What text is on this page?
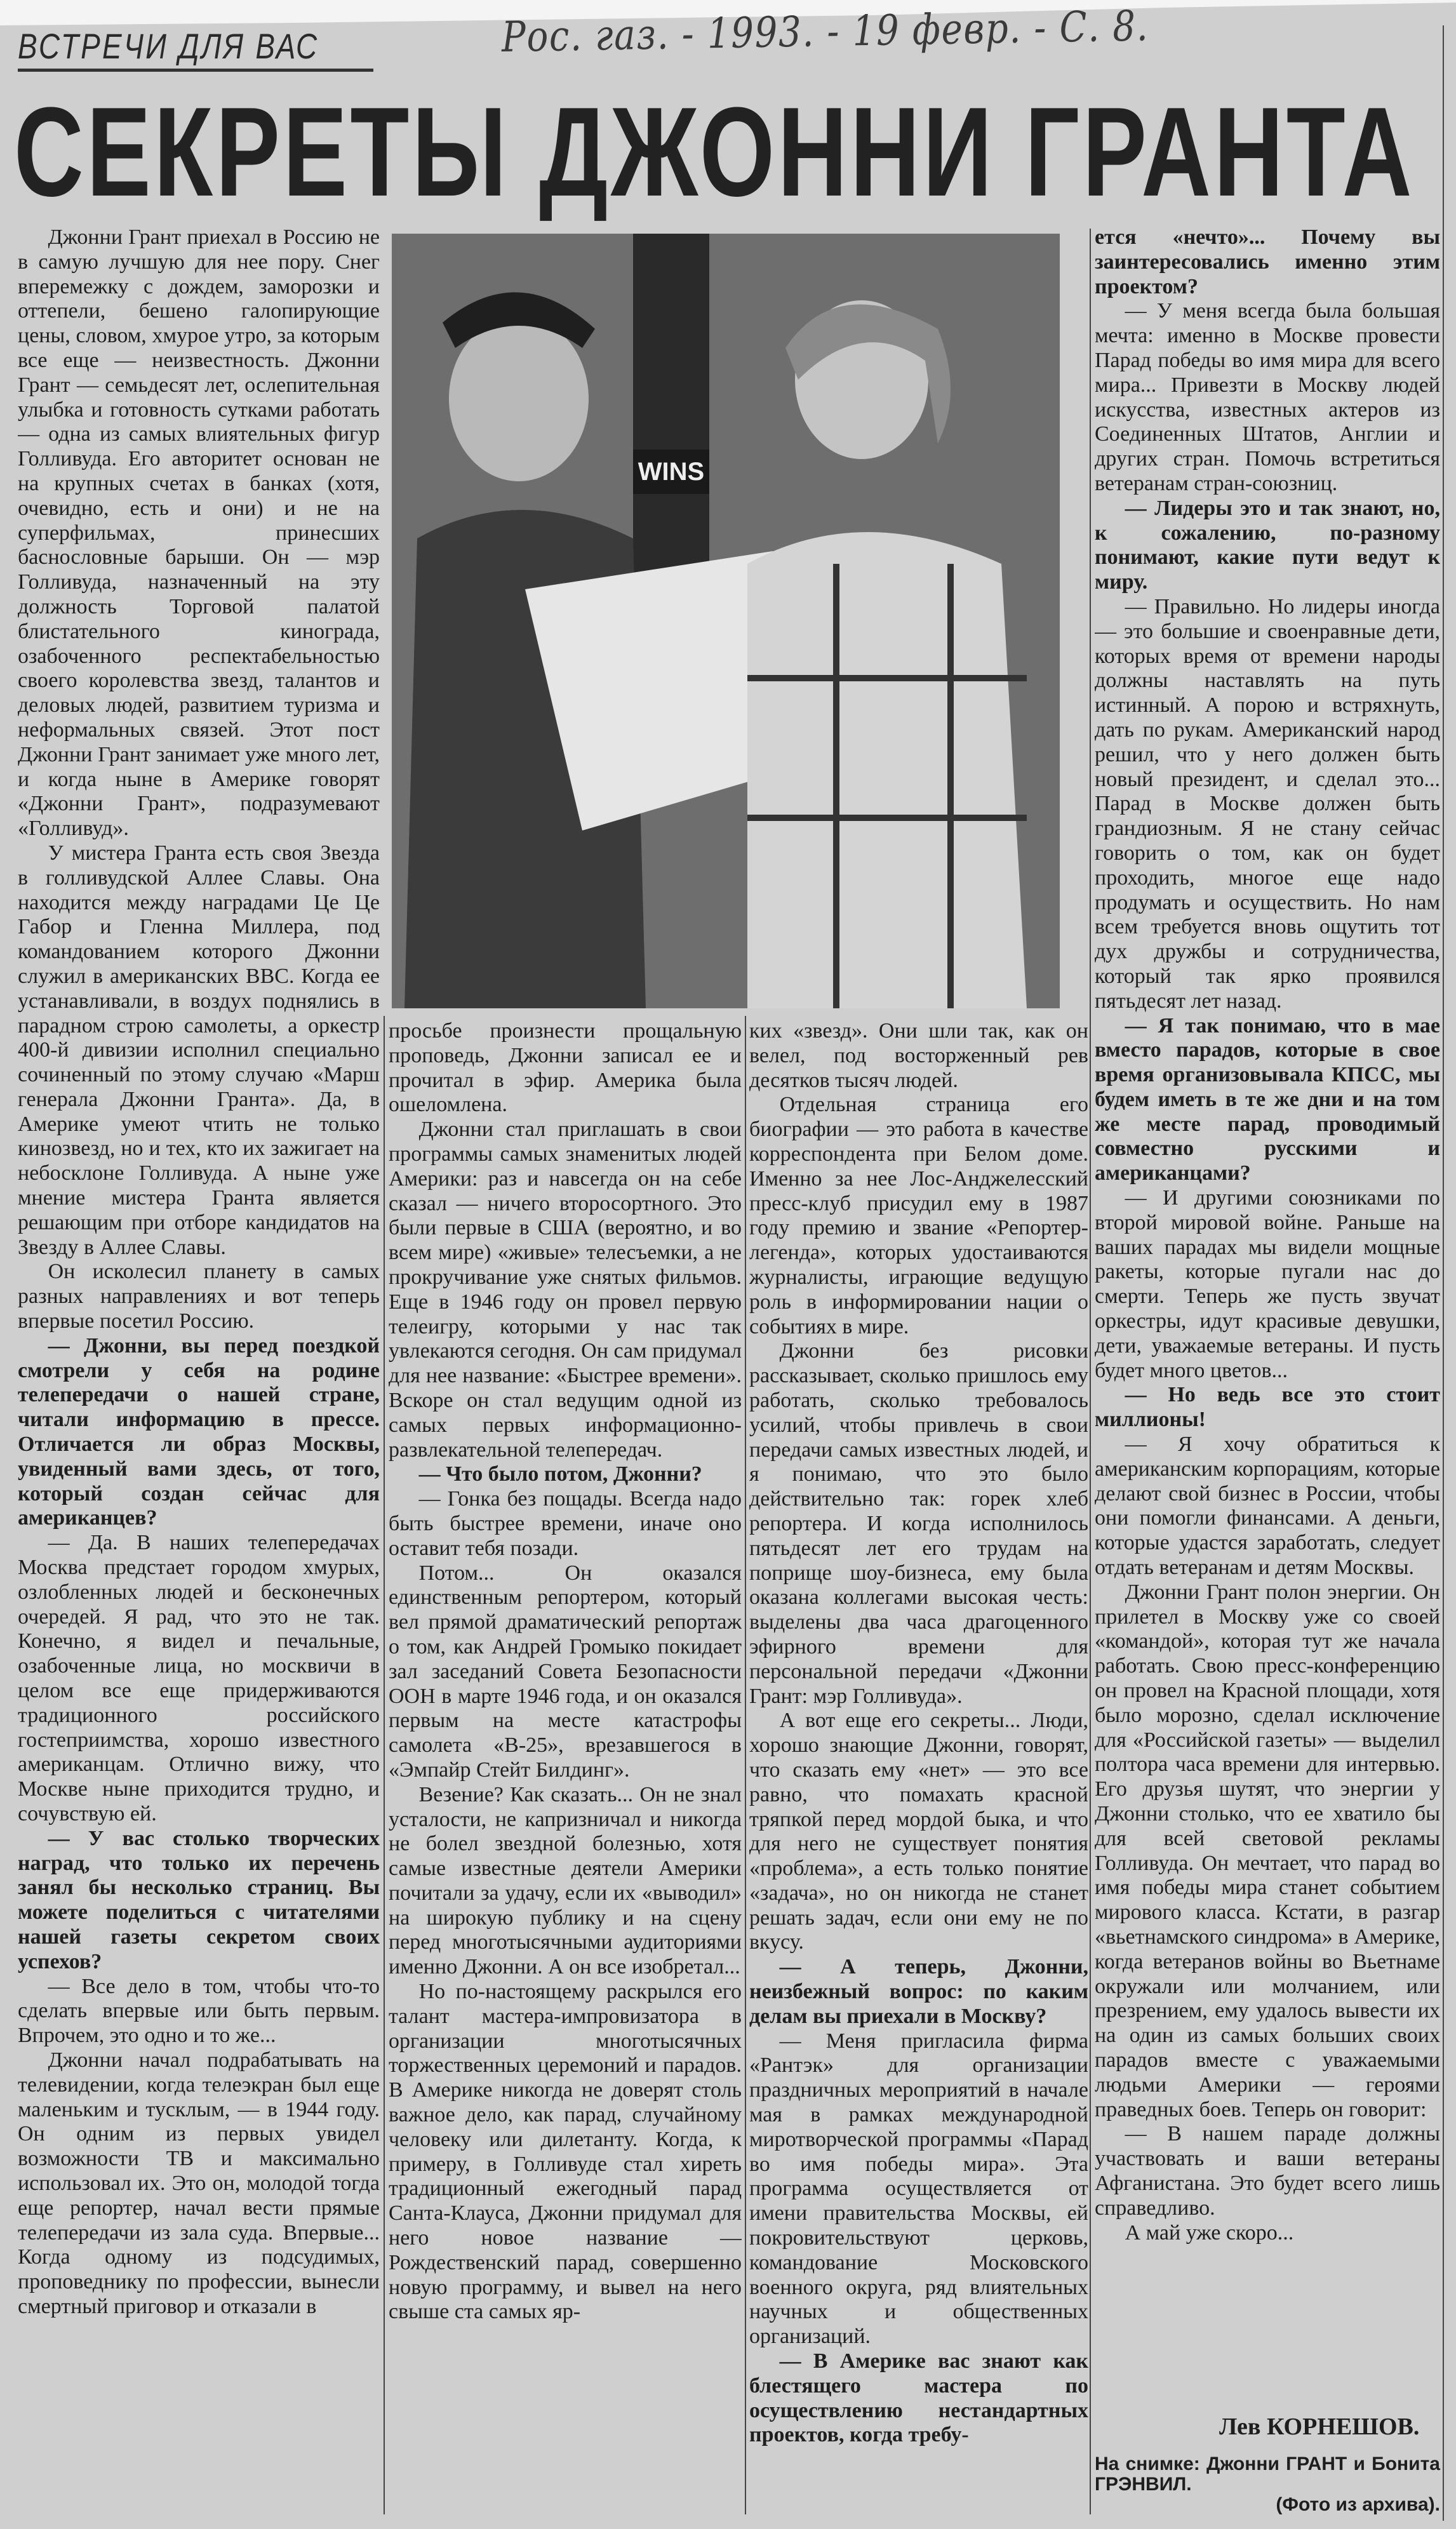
ВСТРЕЧИ ДЛЯ ВАС	Рос. газ. - 1993. - 19 февр. - С. 8.
СЕКРЕТЫ ДЖОННИ ГРАНТА

Джонни Грант приехал в Россию не в самую лучшую для нее пору. Снег вперемежку с дождем, заморозки и оттепели, бешено галопирующие цены, словом, хмурое утро, за которым все еще — неизвестность. Джонни Грант — семьдесят лет, ослепительная улыбка и готовность сутками работать — одна из самых влиятельных фигур Голливуда. Его авторитет основан не на крупных счетах в банках (хотя, очевидно, есть и они) и не на суперфильмах, принесших баснословные барыши. Он — мэр Голливуда, назначенный на эту должность Торговой палатой блистательного кинограда, озабоченного респектабельностью своего королевства звезд, талантов и деловых людей, развитием туризма и неформальных связей. Этот пост Джонни Грант занимает уже много лет, и когда ныне в Америке говорят «Джонни Грант», подразумевают «Голливуд».

У мистера Гранта есть своя Звезда в голливудской Аллее Славы. Она находится между наградами Це Це Габор и Гленна Миллера, под командованием которого Джонни служил в американских ВВС. Когда ее устанавливали, в воздух поднялись в парадном строю самолеты, а оркестр 400-й дивизии исполнил специально сочиненный по этому случаю «Марш генерала Джонни Гранта». Да, в Америке умеют чтить не только кинозвезд, но и тех, кто их зажигает на небосклоне Голливуда. А ныне уже мнение мистера Гранта является решающим при отборе кандидатов на Звезду в Аллее Славы.

Он исколесил планету в самых разных направлениях и вот теперь впервые посетил Россию.

— Джонни, вы перед поездкой смотрели у себя на родине телепередачи о нашей стране, читали информацию в прессе. Отличается ли образ Москвы, увиденный вами здесь, от того, который создан сейчас для американцев?

— Да. В наших телепередачах Москва предстает городом хмурых, озлобленных людей и бесконечных очередей. Я рад, что это не так. Конечно, я видел и печальные, озабоченные лица, но москвичи в целом все еще придерживаются традиционного российского гостеприимства, хорошо известного американцам. Отлично вижу, что Москве ныне приходится трудно, и сочувствую ей.

— У вас столько творческих наград, что только их перечень занял бы несколько страниц. Вы можете поделиться с читателями нашей газеты секретом своих успехов?

— Все дело в том, чтобы что-то сделать впервые или быть первым. Впрочем, это одно и то же...

Джонни начал подрабатывать на телевидении, когда телеэкран был еще маленьким и тусклым, — в 1944 году. Он одним из первых увидел возможности ТВ и максимально использовал их. Это он, молодой тогда еще репортер, начал вести прямые телепередачи из зала суда. Впервые... Когда одному из подсудимых, проповеднику по профессии, вынесли смертный приговор и отказали в

WINS

просьбе произнести прощальную проповедь, Джонни записал ее и прочитал в эфир. Америка была ошеломлена.

Джонни стал приглашать в свои программы самых знаменитых людей Америки: раз и навсегда он на себе сказал — ничего второсортного. Это были первые в США (вероятно, и во всем мире) «живые» телесъемки, а не прокручивание уже снятых фильмов. Еще в 1946 году он провел первую телеигру, которыми у нас так увлекаются сегодня. Он сам придумал для нее название: «Быстрее времени». Вскоре он стал ведущим одной из самых первых информационно-развлекательной телепередач.

— Что было потом, Джонни?

— Гонка без пощады. Всегда надо быть быстрее времени, иначе оно оставит тебя позади.

Потом... Он оказался единственным репортером, который вел прямой драматический репортаж о том, как Андрей Громыко покидает зал заседаний Совета Безопасности ООН в марте 1946 года, и он оказался первым на месте катастрофы самолета «В-25», врезавшегося в «Эмпайр Стейт Билдинг».

Везение? Как сказать... Он не знал усталости, не капризничал и никогда не болел звездной болезнью, хотя самые известные деятели Америки почитали за удачу, если их «выводил» на широкую публику и на сцену перед многотысячными аудиториями именно Джонни. А он все изобретал...

Но по-настоящему раскрылся его талант мастера-импровизатора в организации многотысячных торжественных церемоний и парадов. В Америке никогда не доверят столь важное дело, как парад, случайному человеку или дилетанту. Когда, к примеру, в Голливуде стал хиреть традиционный ежегодный парад Санта-Клауса, Джонни придумал для него новое название — Рождественский парад, совершенно новую программу, и вывел на него свыше ста самых яр-

ких «звезд». Они шли так, как он велел, под восторженный рев десятков тысяч людей.

Отдельная страница его биографии — это работа в качестве корреспондента при Белом доме. Именно за нее Лос-Анджелесский пресс-клуб присудил ему в 1987 году премию и звание «Репортер-легенда», которых удостаиваются журналисты, играющие ведущую роль в информировании нации о событиях в мире.

Джонни без рисовки рассказывает, сколько пришлось ему работать, сколько требовалось усилий, чтобы привлечь в свои передачи самых известных людей, и я понимаю, что это было действительно так: горек хлеб репортера. И когда исполнилось пятьдесят лет его трудам на поприще шоу-бизнеса, ему была оказана коллегами высокая честь: выделены два часа драгоценного эфирного времени для персональной передачи «Джонни Грант: мэр Голливуда».

А вот еще его секреты... Люди, хорошо знающие Джонни, говорят, что сказать ему «нет» — это все равно, что помахать красной тряпкой перед мордой быка, и что для него не существует понятия «проблема», а есть только понятие «задача», но он никогда не станет решать задач, если они ему не по вкусу.

— А теперь, Джонни, неизбежный вопрос: по каким делам вы приехали в Москву?

— Меня пригласила фирма «Рантэк» для организации праздничных мероприятий в начале мая в рамках международной миротворческой программы «Парад во имя победы мира». Эта программа осуществляется от имени правительства Москвы, ей покровительствуют церковь, командование Московского военного округа, ряд влиятельных научных и общественных организаций.

— В Америке вас знают как блестящего мастера по осуществлению нестандартных проектов, когда требу-

ется «нечто»... Почему вы заинтересовались именно этим проектом?

— У меня всегда была большая мечта: именно в Москве провести Парад победы во имя мира для всего мира... Привезти в Москву людей искусства, известных актеров из Соединенных Штатов, Англии и других стран. Помочь встретиться ветеранам стран-союзниц.

— Лидеры это и так знают, но, к сожалению, по-разному понимают, какие пути ведут к миру.

— Правильно. Но лидеры иногда — это большие и своенравные дети, которых время от времени народы должны наставлять на путь истинный. А порою и встряхнуть, дать по рукам. Американский народ решил, что у него должен быть новый президент, и сделал это... Парад в Москве должен быть грандиозным. Я не стану сейчас говорить о том, как он будет проходить, многое еще надо продумать и осуществить. Но нам всем требуется вновь ощутить тот дух дружбы и сотрудничества, который так ярко проявился пятьдесят лет назад.

— Я так понимаю, что в мае вместо парадов, которые в свое время организовывала КПСС, мы будем иметь в те же дни и на том же месте парад, проводимый совместно русскими и американцами?

— И другими союзниками по второй мировой войне. Раньше на ваших парадах мы видели мощные ракеты, которые пугали нас до смерти. Теперь же пусть звучат оркестры, идут красивые девушки, дети, уважаемые ветераны. И пусть будет много цветов...

— Но ведь все это стоит миллионы!

— Я хочу обратиться к американским корпорациям, которые делают свой бизнес в России, чтобы они помогли финансами. А деньги, которые удастся заработать, следует отдать ветеранам и детям Москвы.

Джонни Грант полон энергии. Он прилетел в Москву уже со своей «командой», которая тут же начала работать. Свою пресс-конференцию он провел на Красной площади, хотя было морозно, сделал исключение для «Российской газеты» — выделил полтора часа времени для интервью. Его друзья шутят, что энергии у Джонни столько, что ее хватило бы для всей световой рекламы Голливуда. Он мечтает, что парад во имя победы мира станет событием мирового класса. Кстати, в разгар «вьетнамского синдрома» в Америке, когда ветеранов войны во Вьетнаме окружали или молчанием, или презрением, ему удалось вывести их на один из самых больших своих парадов вместе с уважаемыми людьми Америки — героями праведных боев. Теперь он говорит:

— В нашем параде должны участвовать и ваши ветераны Афганистана. Это будет всего лишь справедливо.

А май уже скоро...

Лев КОРНЕШОВ.
На снимке: Джонни ГРАНТ и Бонита ГРЭНВИЛ.
(Фото из архива).
